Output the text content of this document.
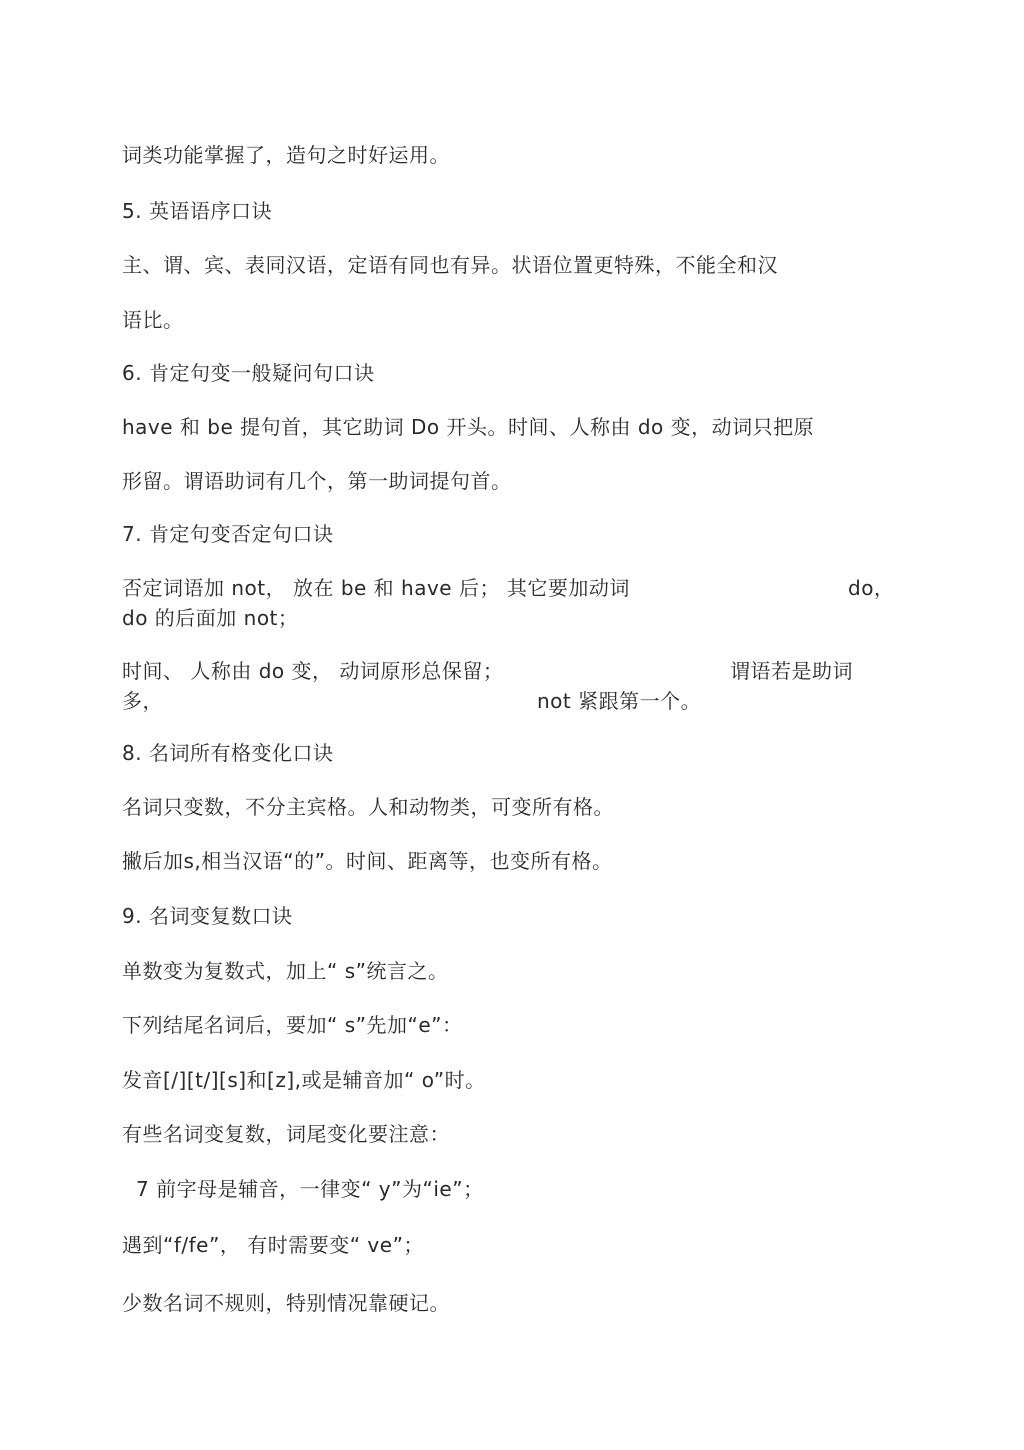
词类功能掌握了，造句之时好运用。
5. 英语语序口诀
主、谓、宾、表同汉语，定语有同也有异。状语位置更特殊，不能全和汉
语比。
6. 肯定句变一般疑问句口诀
have 和 be 提句首，其它助词 Do 开头。时间、人称由 do 变，动词只把原
形留。谓语助词有几个，第一助词提句首。
7. 肯定句变否定句口诀
否定词语加 not， 放在 be 和 have 后； 其它要加动词	do，
do 的后面加 not；
时间、 人称由 do 变， 动词原形总保留；	谓语若是助词
多，	not 紧跟第一个。
8. 名词所有格变化口诀
名词只变数，不分主宾格。人和动物类，可变所有格。
撇后加s,相当汉语“的”。时间、距离等，也变所有格。
9. 名词变复数口诀
单数变为复数式，加上“ s”统言之。
下列结尾名词后，要加“ s”先加“e”：
发音[/][t/][s]和[z],或是辅音加“ o”时。
有些名词变复数，词尾变化要注意：
7 前字母是辅音，一律变“ y”为“ie”；
遇到“f/fe”， 有时需要变“ ve”；
少数名词不规则，特别情况靠硬记。
